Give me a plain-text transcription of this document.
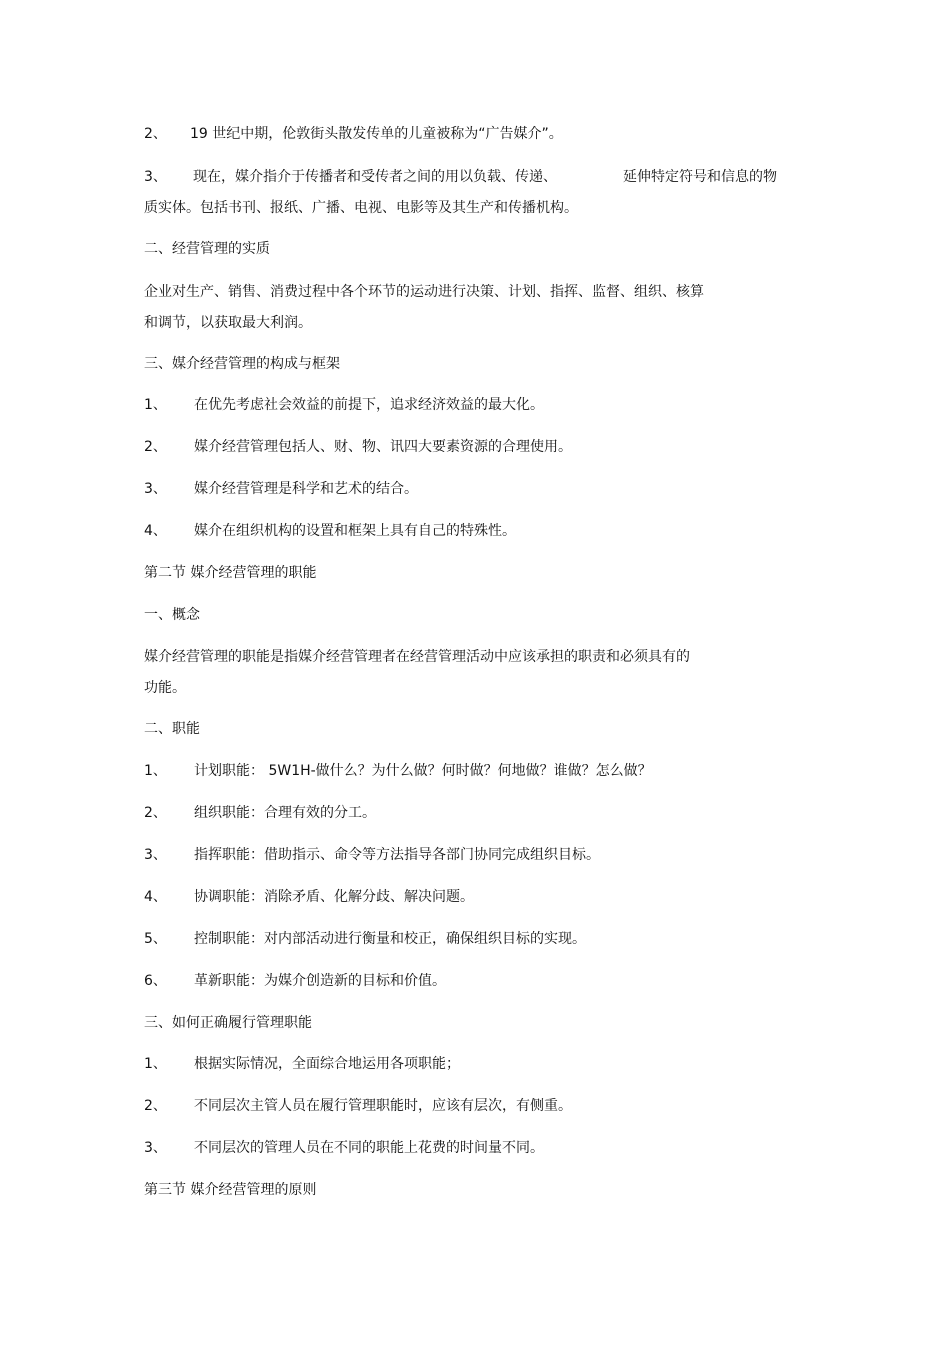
2、 19 世纪中期，伦敦街头散发传单的儿童被称为“广告媒介”。
3、 现在，媒介指介于传播者和受传者之间的用以负载、传递、	延伸特定符号和信息的物
质实体。包括书刊、报纸、广播、电视、电影等及其生产和传播机构。
二、经营管理的实质
企业对生产、销售、消费过程中各个环节的运动进行决策、计划、指挥、监督、组织、核算
和调节，以获取最大利润。
三、媒介经营管理的构成与框架
1、 在优先考虑社会效益的前提下，追求经济效益的最大化。
2、 媒介经营管理包括人、财、物、讯四大要素资源的合理使用。
3、 媒介经营管理是科学和艺术的结合。
4、 媒介在组织机构的设置和框架上具有自己的特殊性。
第二节 媒介经营管理的职能
一、概念
媒介经营管理的职能是指媒介经营管理者在经营管理活动中应该承担的职责和必须具有的
功能。
二、职能
1、 计划职能： 5W1H-做什么？为什么做？何时做？何地做？谁做？怎么做？
2、 组织职能：合理有效的分工。
3、 指挥职能：借助指示、命令等方法指导各部门协同完成组织目标。
4、 协调职能：消除矛盾、化解分歧、解决问题。
5、 控制职能：对内部活动进行衡量和校正，确保组织目标的实现。
6、 革新职能：为媒介创造新的目标和价值。
三、如何正确履行管理职能
1、 根据实际情况，全面综合地运用各项职能；
2、 不同层次主管人员在履行管理职能时，应该有层次，有侧重。
3、 不同层次的管理人员在不同的职能上花费的时间量不同。
第三节 媒介经营管理的原则
